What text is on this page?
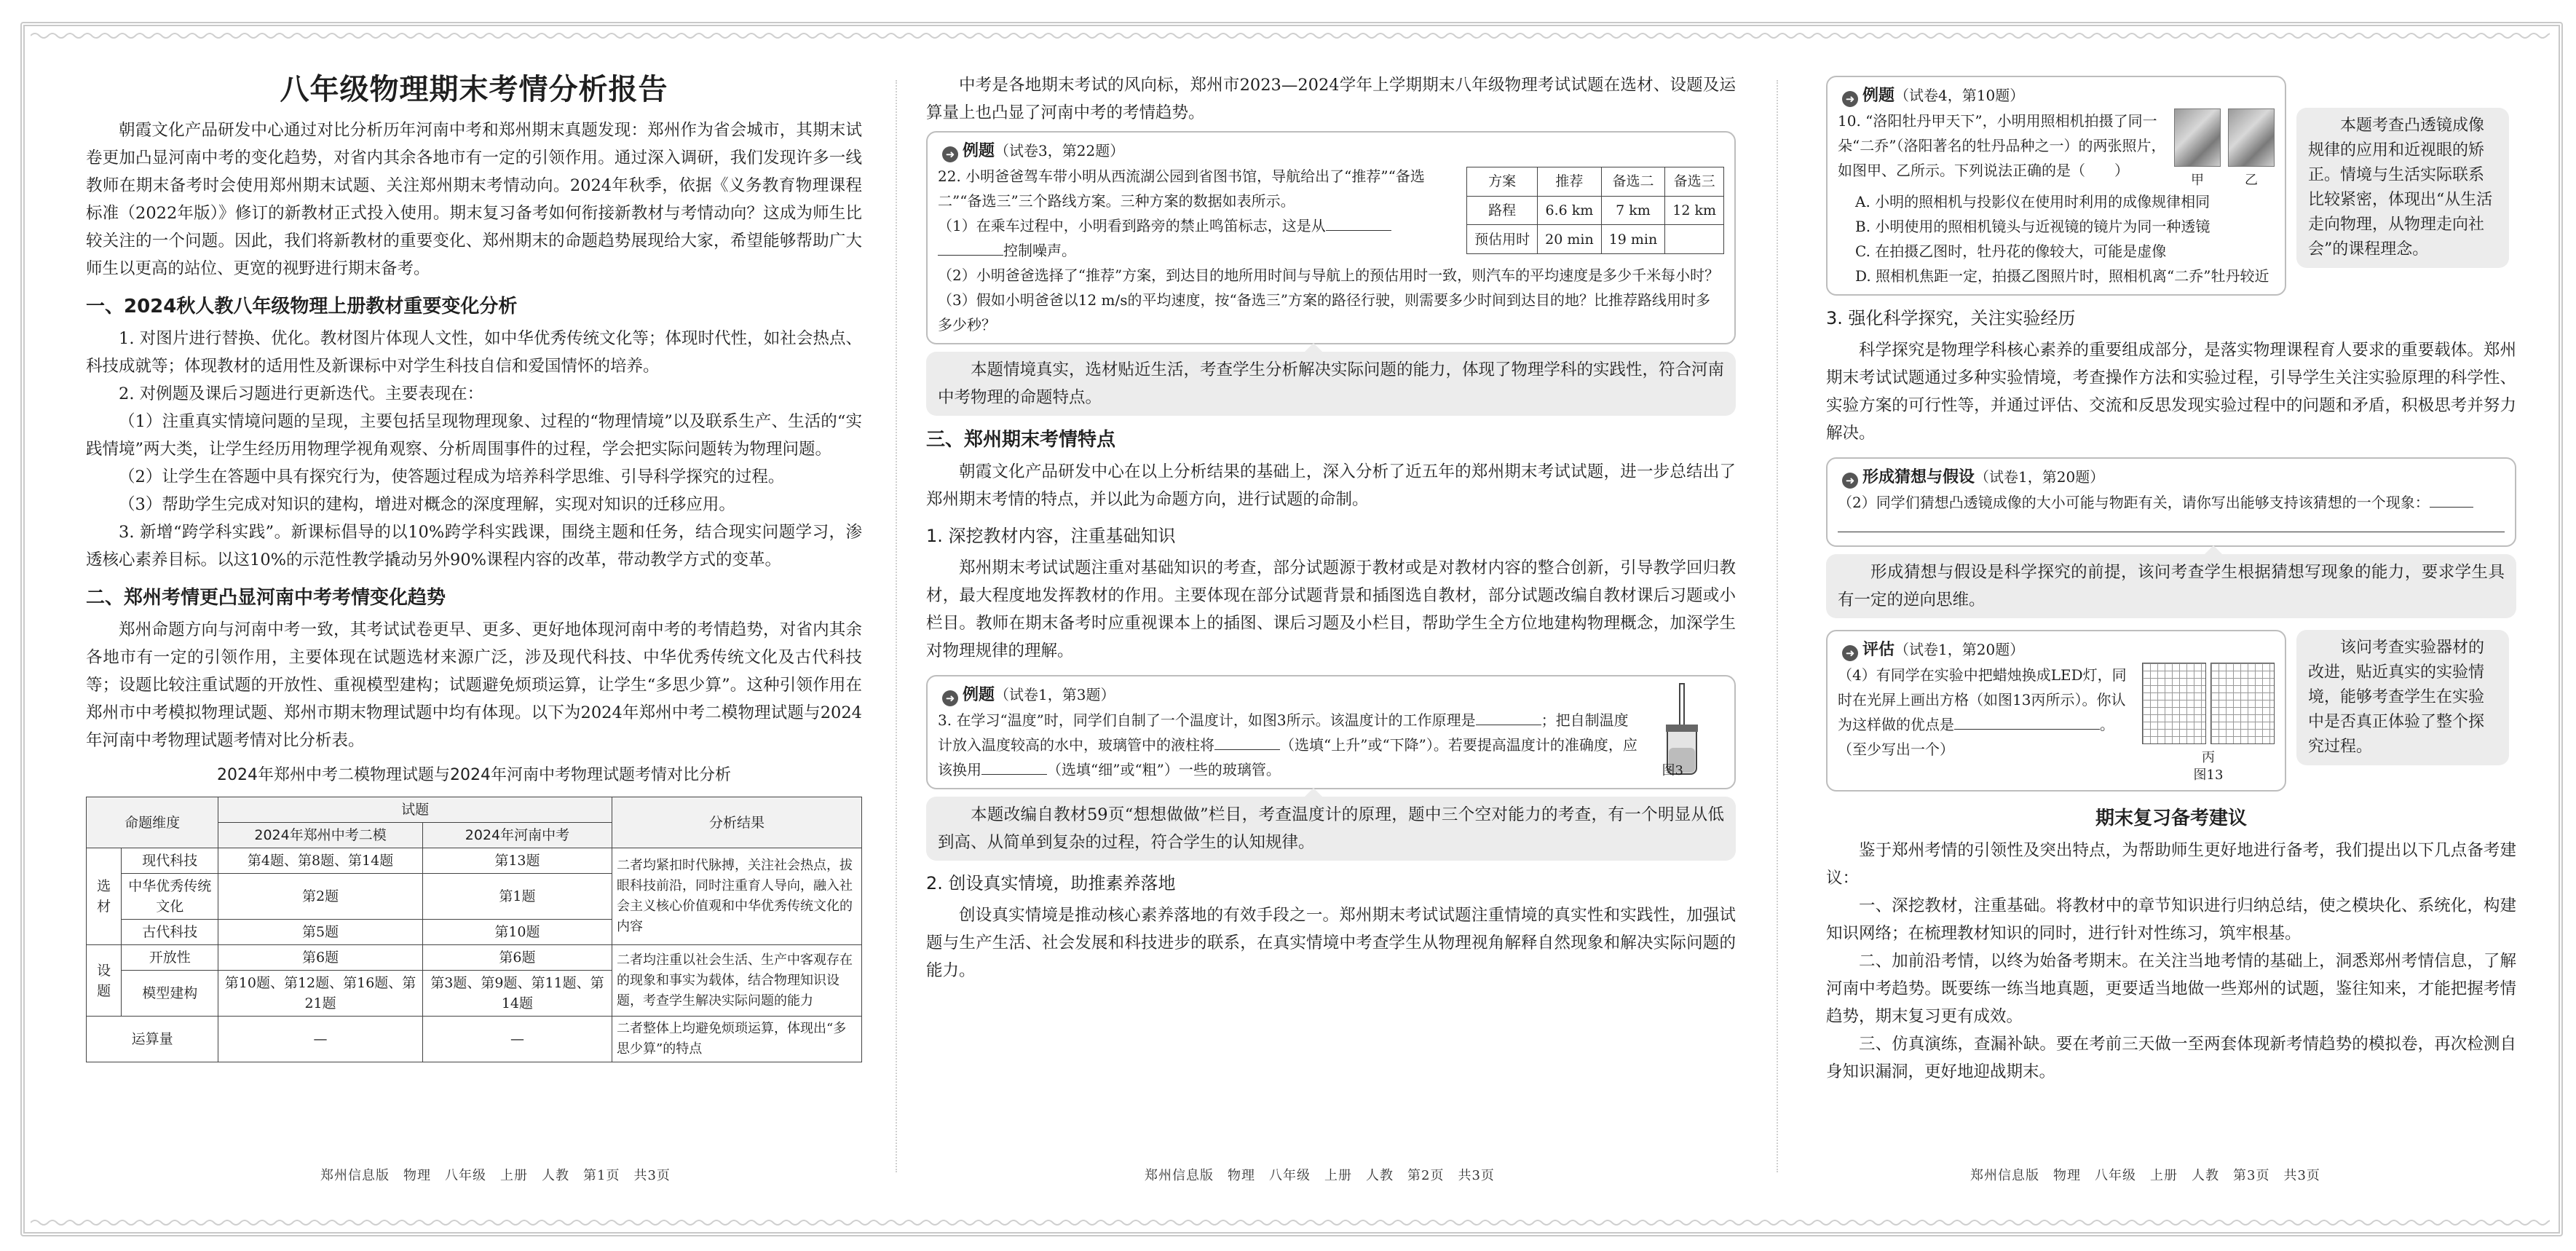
八年级物理期末考情分析报告

朝霞文化产品研发中心通过对比分析历年河南中考和郑州期末真题发现：郑州作为省会城市，其期末试卷更加凸显河南中考的变化趋势，对省内其余各地市有一定的引领作用。通过深入调研，我们发现许多一线教师在期末备考时会使用郑州期末试题、关注郑州期末考情动向。2024年秋季，依据《义务教育物理课程标准（2022年版）》修订的新教材正式投入使用。期末复习备考如何衔接新教材与考情动向？这成为师生比较关注的一个问题。因此，我们将新教材的重要变化、郑州期末的命题趋势展现给大家，希望能够帮助广大师生以更高的站位、更宽的视野进行期末备考。

一、2024秋人教八年级物理上册教材重要变化分析

1. 对图片进行替换、优化。教材图片体现人文性，如中华优秀传统文化等；体现时代性，如社会热点、科技成就等；体现教材的适用性及新课标中对学生科技自信和爱国情怀的培养。

2. 对例题及课后习题进行更新迭代。主要表现在：

（1）注重真实情境问题的呈现，主要包括呈现物理现象、过程的“物理情境”以及联系生产、生活的“实践情境”两大类，让学生经历用物理学视角观察、分析周围事件的过程，学会把实际问题转为物理问题。

（2）让学生在答题中具有探究行为，使答题过程成为培养科学思维、引导科学探究的过程。

（3）帮助学生完成对知识的建构，增进对概念的深度理解，实现对知识的迁移应用。

3. 新增“跨学科实践”。新课标倡导的以10%跨学科实践课，围绕主题和任务，结合现实问题学习，渗透核心素养目标。以这10%的示范性教学撬动另外90%课程内容的改革，带动教学方式的变革。

二、郑州考情更凸显河南中考考情变化趋势

郑州命题方向与河南中考一致，其考试试卷更早、更多、更好地体现河南中考的考情趋势，对省内其余各地市有一定的引领作用，主要体现在试题选材来源广泛，涉及现代科技、中华优秀传统文化及古代科技等；设题比较注重试题的开放性、重视模型建构；试题避免烦琐运算，让学生“多思少算”。这种引领作用在郑州市中考模拟物理试题、郑州市期末物理试题中均有体现。以下为2024年郑州中考二模物理试题与2024年河南中考物理试题考情对比分析表。

2024年郑州中考二模物理试题与2024年河南中考物理试题考情对比分析
命题维度		试题		分析结果
		2024年郑州中考二模	2024年河南中考	
选材	现代科技	第4题、第8题、第14题	第13题	二者均紧扣时代脉搏，关注社会热点，拔眼科技前沿，同时注重育人导向，融入社会主义核心价值观和中华优秀传统文化的内容
	中华优秀传统文化	第2题	第1题	
	古代科技	第5题	第10题	
设题	开放性	第6题	第6题	二者均注重以社会生活、生产中客观存在的现象和事实为载体，结合物理知识设题，考查学生解决实际问题的能力
	模型建构	第10题、第12题、第16题、第21题	第3题、第9题、第11题、第14题	
运算量		—	—	二者整体上均避免烦琐运算，体现出“多思少算”的特点
郑州信息版　物理　八年级　上册　人教　第1页　共3页

中考是各地期末考试的风向标，郑州市2023—2024学年上学期期末八年级物理考试试题在选材、设题及运算量上也凸显了河南中考的考情趋势。

➜ 例题（试卷3，第22题）
22. 小明爸爸驾车带小明从西流湖公园到省图书馆，导航给出了“推荐”“备选二”“备选三”三个路线方案。三种方案的数据如表所示。
（1）在乘车过程中，小明看到路旁的禁止鸣笛标志，这是从
控制噪声。
方案	推荐	备选二	备选三
路程	6.6 km	7 km	12 km
预估用时	20 min	19 min	
（2）小明爸爸选择了“推荐”方案，到达目的地所用时间与导航上的预估用时一致，则汽车的平均速度是多少千米每小时？
（3）假如小明爸爸以12 m/s的平均速度，按“备选三”方案的路径行驶，则需要多少时间到达目的地？比推荐路线用时多多少秒？
本题情境真实，选材贴近生活，考查学生分析解决实际问题的能力，体现了物理学科的实践性，符合河南中考物理的命题特点。
三、郑州期末考情特点

朝霞文化产品研发中心在以上分析结果的基础上，深入分析了近五年的郑州期末考试试题，进一步总结出了郑州期末考情的特点，并以此为命题方向，进行试题的命制。

1. 深挖教材内容，注重基础知识

郑州期末考试试题注重对基础知识的考查，部分试题源于教材或是对教材内容的整合创新，引导教学回归教材，最大程度地发挥教材的作用。主要体现在部分试题背景和插图选自教材，部分试题改编自教材课后习题或小栏目。教师在期末备考时应重视课本上的插图、课后习题及小栏目，帮助学生全方位地建构物理概念，加深学生对物理规律的理解。

➜ 例题（试卷1，第3题）
3. 在学习“温度”时，同学们自制了一个温度计，如图3所示。该温度计的工作原理是	；把自制温度计放入温度较高的水中，玻璃管中的液柱将	（选填“上升”或“下降”）。若要提高温度计的准确度，应该换用	（选填“细”或“粗”）一些的玻璃管。	图3
本题改编自教材59页“想想做做”栏目，考查温度计的原理，题中三个空对能力的考查，有一个明显从低到高、从简单到复杂的过程，符合学生的认知规律。
2. 创设真实情境，助推素养落地

创设真实情境是推动核心素养落地的有效手段之一。郑州期末考试试题注重情境的真实性和实践性，加强试题与生产生活、社会发展和科技进步的联系，在真实情境中考查学生从物理视角解释自然现象和解决实际问题的能力。

郑州信息版　物理　八年级　上册　人教　第2页　共3页
➜ 例题（试卷4，第10题）
10. “洛阳牡丹甲天下”，小明用照相机拍摄了同一朵“二乔”（洛阳著名的牡丹品种之一）的两张照片，如图甲、乙所示。下列说法正确的是（　　）
甲	乙
A. 小明的照相机与投影仪在使用时利用的成像规律相同
B. 小明使用的照相机镜头与近视镜的镜片为同一种透镜
C. 在拍摄乙图时，牡丹花的像较大，可能是虚像
D. 照相机焦距一定，拍摄乙图照片时，照相机离“二乔”牡丹较近
本题考查凸透镜成像规律的应用和近视眼的矫正。情境与生活实际联系比较紧密，体现出“从生活走向物理，从物理走向社会”的课程理念。
3. 强化科学探究，关注实验经历

科学探究是物理学科核心素养的重要组成部分，是落实物理课程育人要求的重要载体。郑州期末考试试题通过多种实验情境，考查操作方法和实验过程，引导学生关注实验原理的科学性、实验方案的可行性等，并通过评估、交流和反思发现实验过程中的问题和矛盾，积极思考并努力解决。

➜ 形成猜想与假设（试卷1，第20题）
（2）同学们猜想凸透镜成像的大小可能与物距有关，请你写出能够支持该猜想的一个现象：
形成猜想与假设是科学探究的前提，该问考查学生根据猜想写现象的能力，要求学生具有一定的逆向思维。
➜ 评估（试卷1，第20题）
（4）有同学在实验中把蜡烛换成LED灯，同时在光屏上画出方格（如图13丙所示）。你认为这样做的优点是	。（至少写出一个）	丙
图13
该问考查实验器材的改进，贴近真实的实验情境，能够考查学生在实验中是否真正体验了整个探究过程。
期末复习备考建议

鉴于郑州考情的引领性及突出特点，为帮助师生更好地进行备考，我们提出以下几点备考建议：

一、深挖教材，注重基础。将教材中的章节知识进行归纳总结，使之模块化、系统化，构建知识网络；在梳理教材知识的同时，进行针对性练习，筑牢根基。

二、加前沿考情，以终为始备考期末。在关注当地考情的基础上，洞悉郑州考情信息，了解河南中考趋势。既要练一练当地真题，更要适当地做一些郑州的试题，鉴往知来，才能把握考情趋势，期末复习更有成效。

三、仿真演练，查漏补缺。要在考前三天做一至两套体现新考情趋势的模拟卷，再次检测自身知识漏洞，更好地迎战期末。

郑州信息版　物理　八年级　上册　人教　第3页　共3页
